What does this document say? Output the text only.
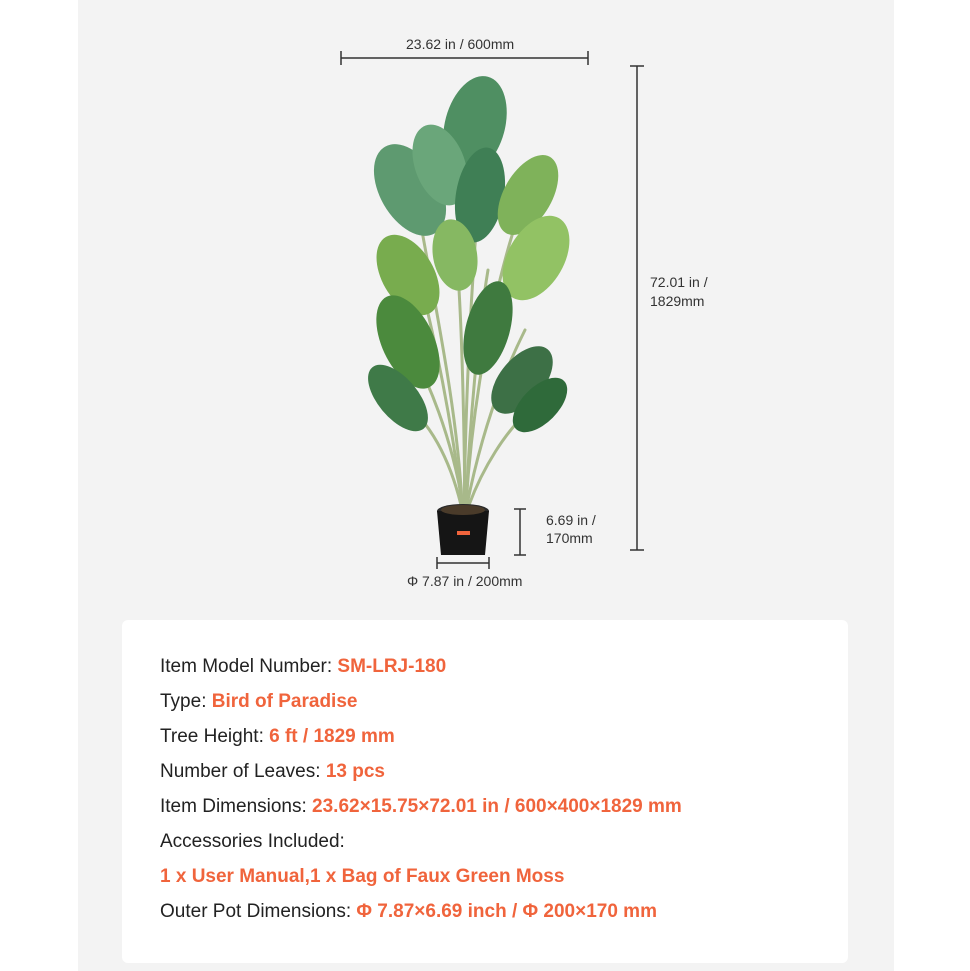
23.62 in / 600mm
72.01 in /
1829mm
6.69 in /
170mm
Φ 7.87 in / 200mm
Item Model Number: SM-LRJ-180
Type: Bird of Paradise
Tree Height: 6 ft / 1829 mm
Number of Leaves: 13 pcs
Item Dimensions: 23.62×15.75×72.01 in / 600×400×1829 mm
Accessories Included:
1 x User Manual,1 x Bag of Faux Green Moss
Outer Pot Dimensions: Φ 7.87×6.69 inch / Φ 200×170 mm
